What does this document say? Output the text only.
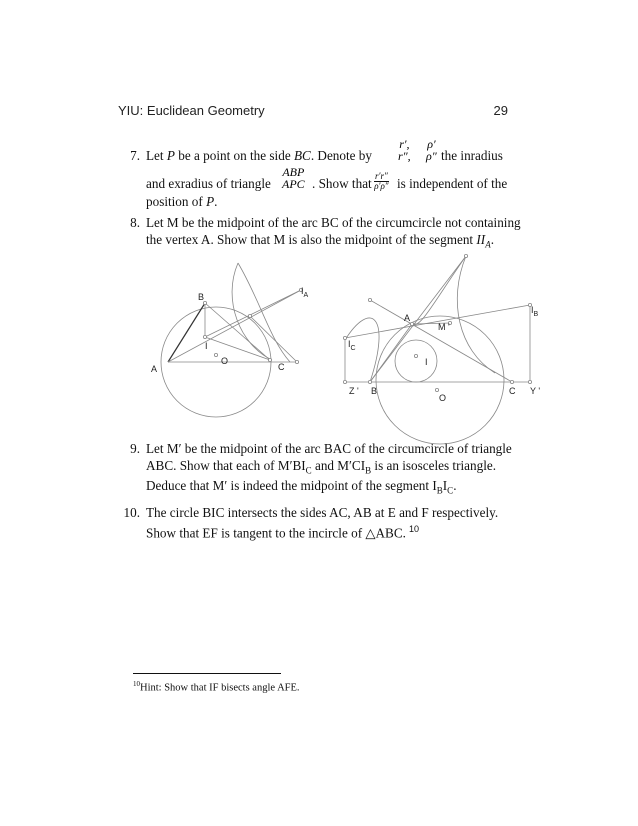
YIU: Euclidean Geometry	29
7. Let P be a point on the side BC. Denote by
r′,
r″,
ρ′
ρ″ the inradius
and exradius of triangle
ABP
APC . Show that $\frac{r'r''}{\rho'\rho''}$ is independent of the
position of P.
8. Let M be the midpoint of the arc BC of the circumcircle not containing
the vertex A. Show that M is also the midpoint of the segment $II_A$.
B
$I_A$
I
O
A	C
$I_B$
A
M '
$I_C$
I
Z ' B	C Y '
O
9. Let M′ be the midpoint of the arc BAC of the circumcircle of triangle
ABC. Show that each of $M'BI_C$ and $M'CI_B$ is an isosceles triangle.
Deduce that M′ is indeed the midpoint of the segment $I_BI_C$.
10. The circle BIC intersects the sides AC, AB at E and F respectively.
Show that EF is tangent to the incircle of △ABC. $^{10}$
$^{10}$Hint: Show that IF bisects angle AFE.
